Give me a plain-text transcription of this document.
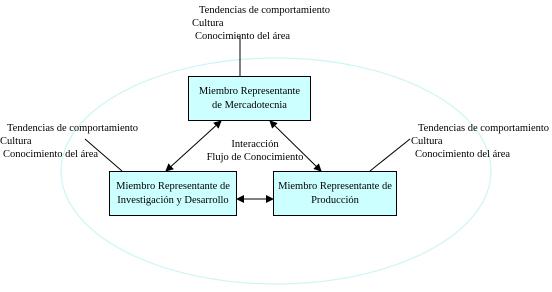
Miembro Representante
de Mercadotecnia
Miembro Representante de
Investigación y Desarrollo
Miembro Representante de
Producción
Interacción
Flujo de Conocimiento
Tendencias de comportamiento
Cultura
Conocimiento del área
Tendencias de comportamiento
Cultura
Conocimiento del área
Tendencias de comportamiento
Cultura
Conocimiento del área
